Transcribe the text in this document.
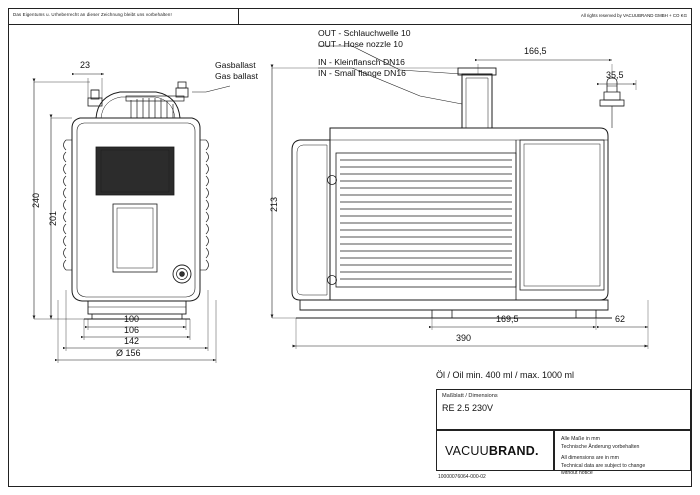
Das Eigentums u. Urheberrecht an dieser Zeichnung bleibt uns vorbehalten!	All rights reserved by VACUUBRAND GMBH + CO KG
Gasballast
Gas ballast
OUT - Schlauchwelle 10
OUT - Hose nozzle 10
IN - Kleinflansch DN16
IN - Small flange DN16
240
201
23
100
106
142
Ø 156
213
166,5
35,5
169,5	62
390
Öl / Oil min. 400 ml / max. 1000 ml
Maßblatt / Dimensions
RE 2.5 230V
VACUUBRAND.
Alle Maße in mm
Technische Änderung vorbehalten
All dimensions are in mm
Technical data are subject to change
without notice
10000076064-000-02
